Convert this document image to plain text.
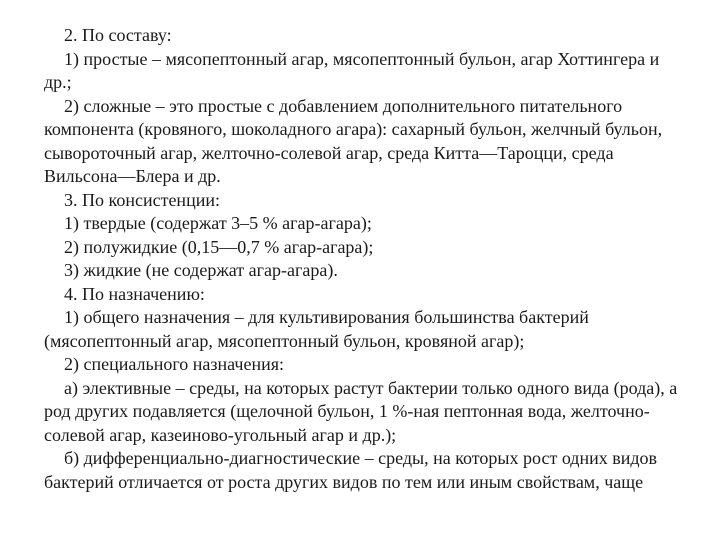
2. По составу:

1) простые – мясопептонный агар, мясопептонный бульон, агар Хоттингера и др.;

2) сложные – это простые с добавлением дополнительного питательного компонента (кровяного, шоколадного агара): сахарный бульон, желчный бульон, сывороточный агар, желточно-солевой агар, среда Китта—Тароцци, среда Вильсона—Блера и др.

3. По консистенции:

1) твердые (содержат 3–5 % агар-агара);

2) полужидкие (0,15—0,7 % агар-агара);

3) жидкие (не содержат агар-агара).

4. По назначению:

1) общего назначения – для культивирования большинства бактерий (мясопептонный агар, мясопептонный бульон, кровяной агар);

2) специального назначения:

а) элективные – среды, на которых растут бактерии только одного вида (рода), а род других подавляется (щелочной бульон, 1 %-ная пептонная вода, желточно-солевой агар, казеиново-угольный агар и др.);

б) дифференциально-диагностические – среды, на которых рост одних видов бактерий отличается от роста других видов по тем или иным свойствам, чаще
